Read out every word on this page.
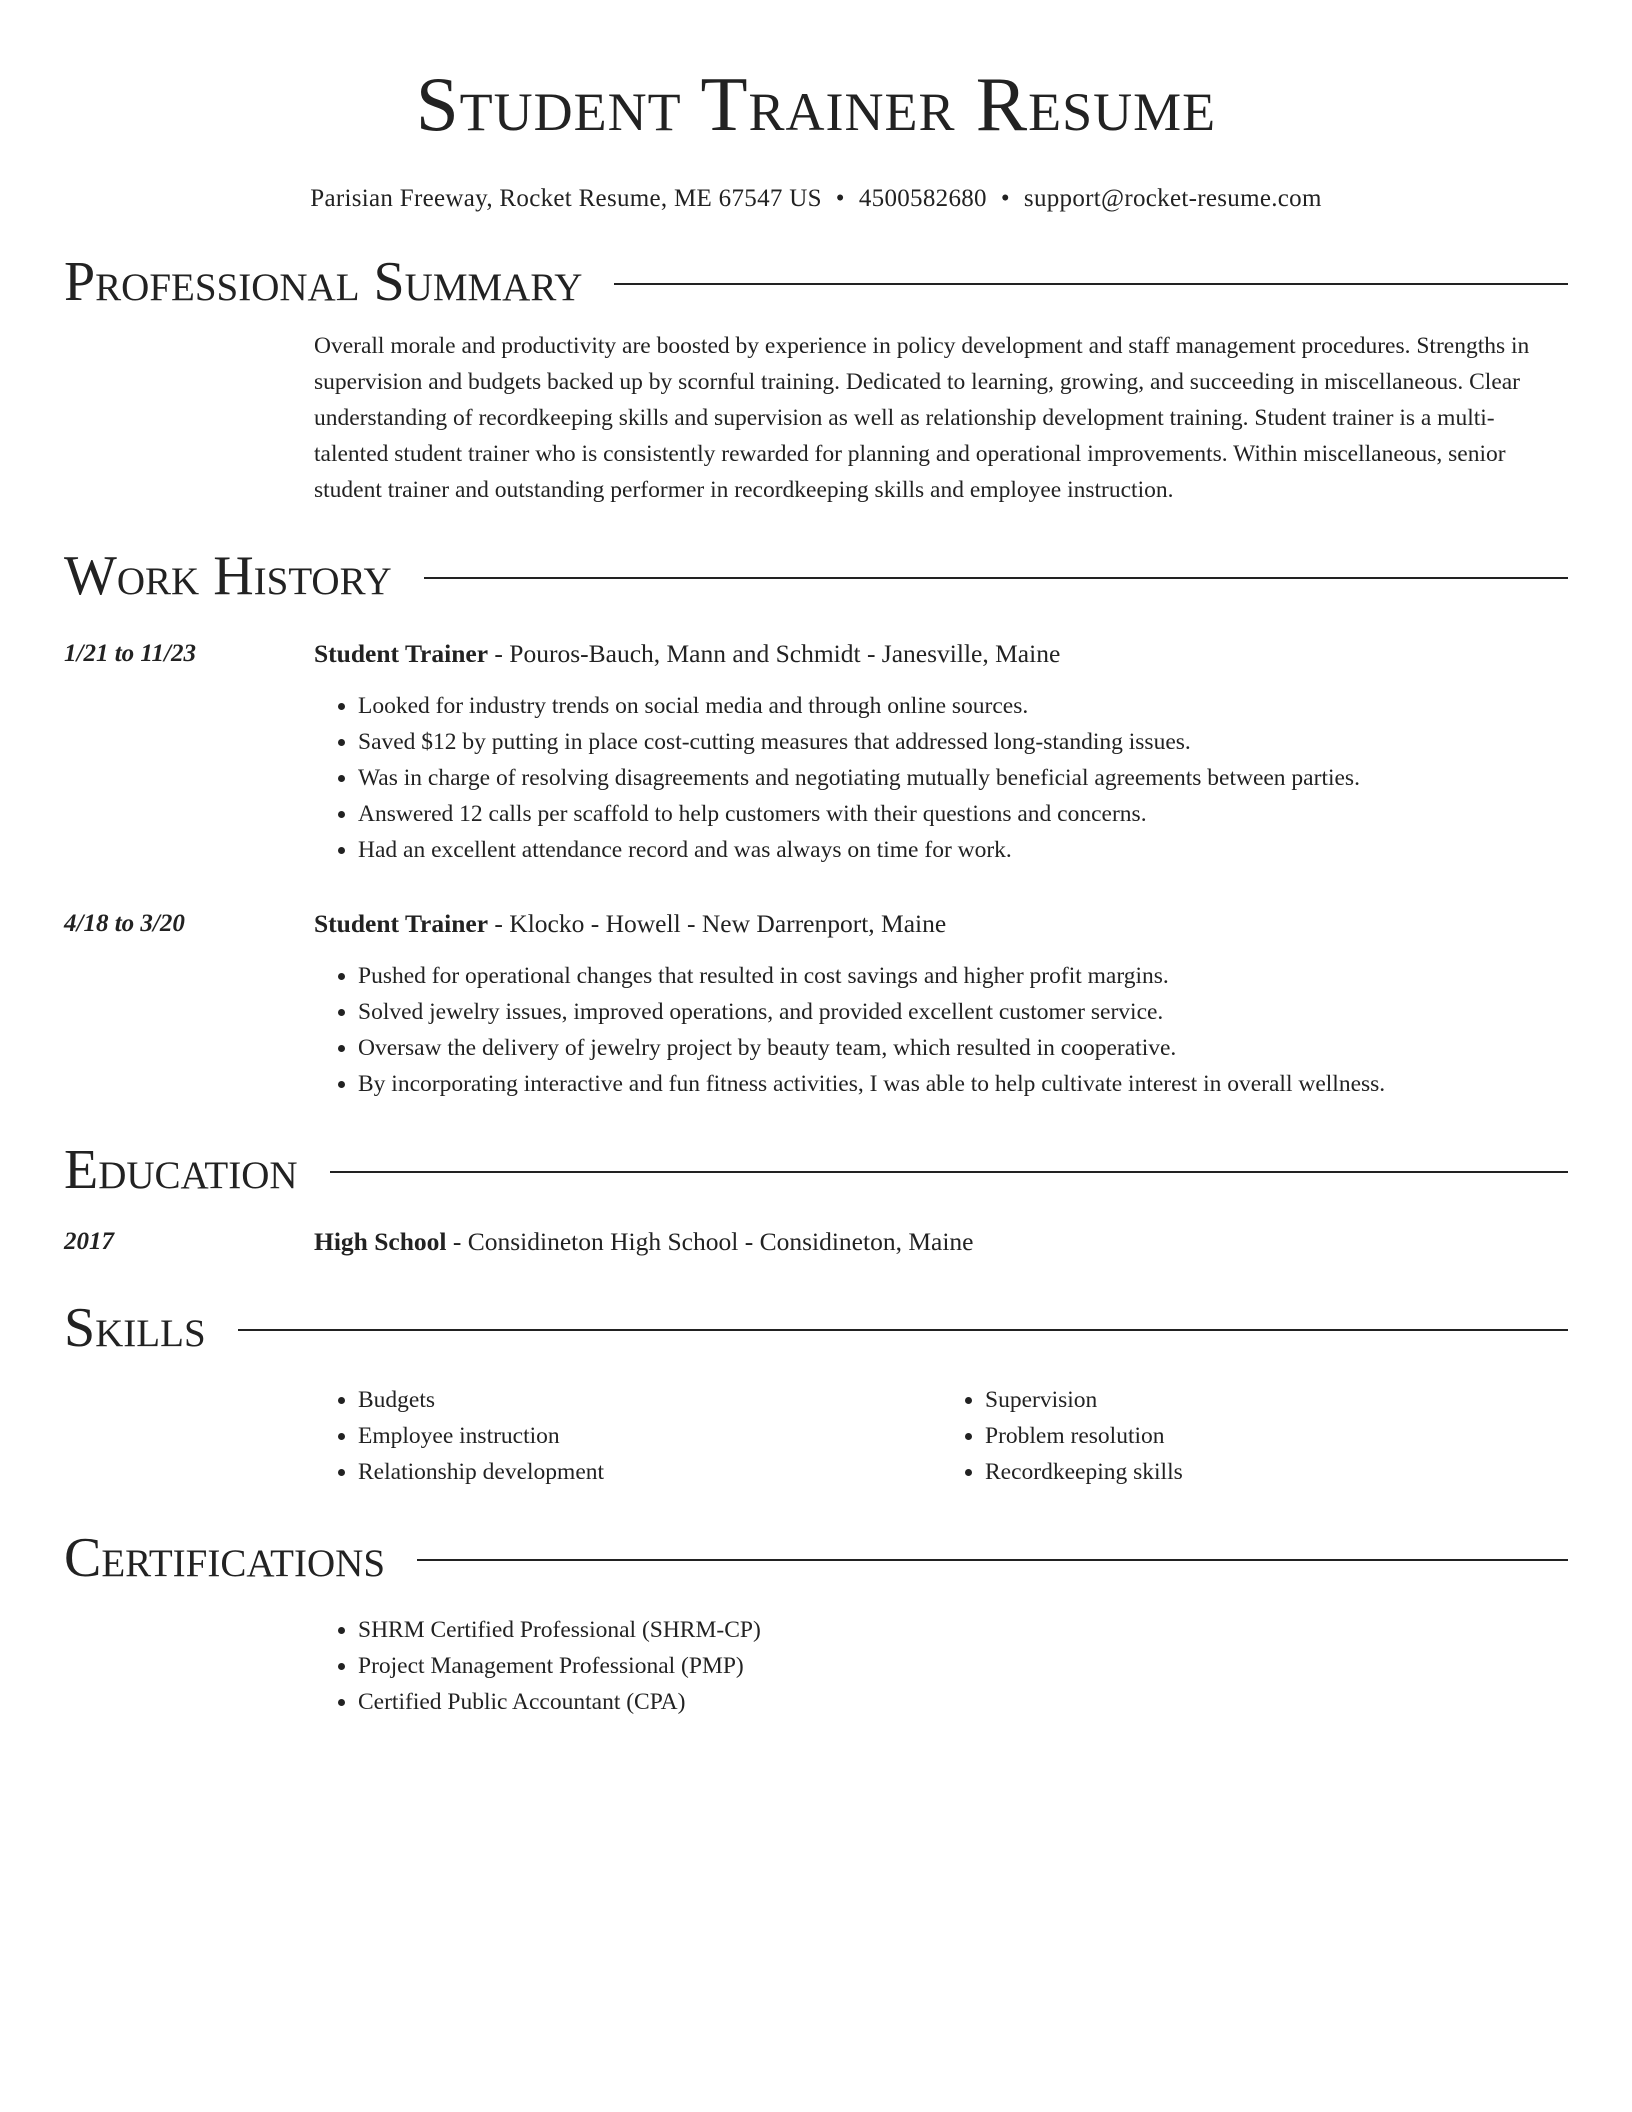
Student Trainer Resume
Parisian Freeway, Rocket Resume, ME 67547 US • 4500582680 • support@rocket-resume.com
Professional Summary
Overall morale and productivity are boosted by experience in policy development and staff management procedures. Strengths in supervision and budgets backed up by scornful training. Dedicated to learning, growing, and succeeding in miscellaneous. Clear understanding of recordkeeping skills and supervision as well as relationship development training. Student trainer is a multi-talented student trainer who is consistently rewarded for planning and operational improvements. Within miscellaneous, senior student trainer and outstanding performer in recordkeeping skills and employee instruction.
Work History
1/21 to 11/23	Student Trainer - Pouros-Bauch, Mann and Schmidt - Janesville, Maine
• Looked for industry trends on social media and through online sources.
• Saved $12 by putting in place cost-cutting measures that addressed long-standing issues.
• Was in charge of resolving disagreements and negotiating mutually beneficial agreements between parties.
• Answered 12 calls per scaffold to help customers with their questions and concerns.
• Had an excellent attendance record and was always on time for work.
4/18 to 3/20	Student Trainer - Klocko - Howell - New Darrenport, Maine
• Pushed for operational changes that resulted in cost savings and higher profit margins.
• Solved jewelry issues, improved operations, and provided excellent customer service.
• Oversaw the delivery of jewelry project by beauty team, which resulted in cooperative.
• By incorporating interactive and fun fitness activities, I was able to help cultivate interest in overall wellness.
Education
2017	High School - Considineton High School - Considineton, Maine
Skills
• Budgets
• Employee instruction
• Relationship development
• Supervision
• Problem resolution
• Recordkeeping skills
Certifications
• SHRM Certified Professional (SHRM-CP)
• Project Management Professional (PMP)
• Certified Public Accountant (CPA)
